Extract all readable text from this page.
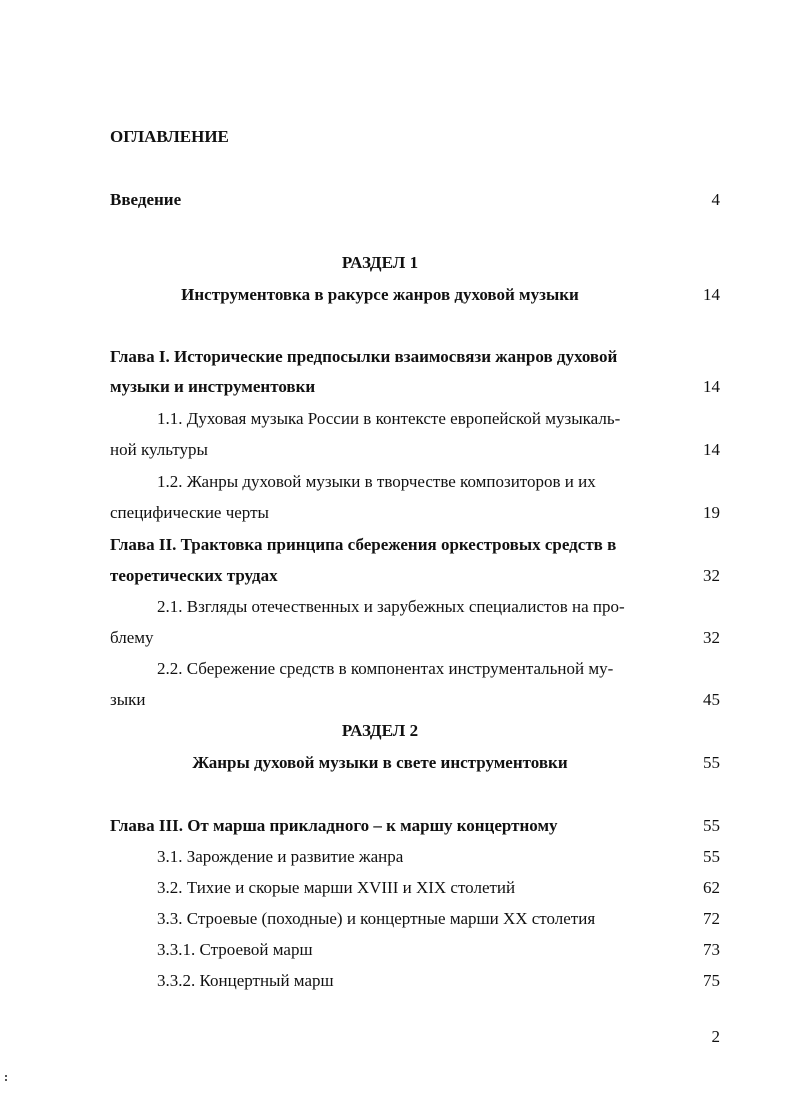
ОГЛАВЛЕНИЕ
Введение	4
РАЗДЕЛ 1
Инструментовка в ракурсе жанров духовой музыки	14
Глава I. Исторические предпосылки взаимосвязи жанров духовой
музыки и инструментовки	14
1.1. Духовая музыка России в контексте европейской музыкаль-
ной культуры	14
1.2. Жанры духовой музыки в творчестве композиторов и их
специфические черты	19
Глава II. Трактовка принципа сбережения оркестровых средств в
теоретических трудах	32
2.1. Взгляды отечественных и зарубежных специалистов на про-
блему	32
2.2. Сбережение средств в компонентах инструментальной му-
зыки	45
РАЗДЕЛ 2
Жанры духовой музыки в свете инструментовки	55
Глава III. От марша прикладного – к маршу концертному	55
3.1. Зарождение и развитие жанра	55
3.2. Тихие и скорые марши XVIII и XIX столетий	62
3.3. Строевые (походные) и концертные марши XX столетия	72
3.3.1. Строевой марш	73
3.3.2. Концертный марш	75
2
